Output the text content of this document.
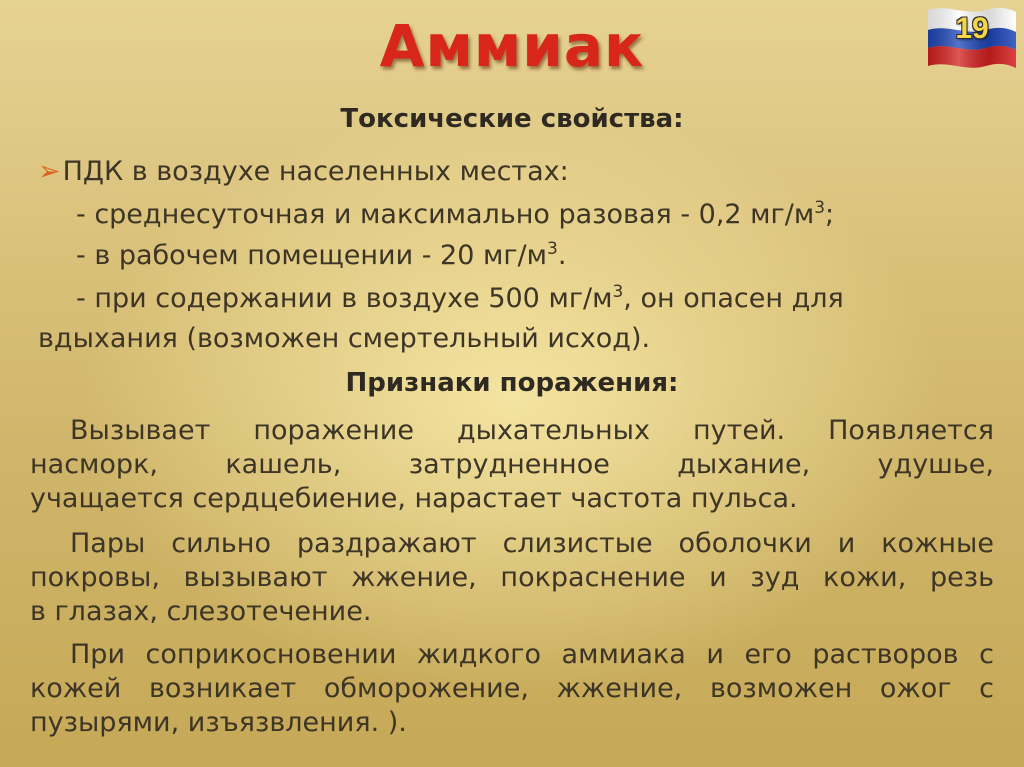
Аммиак	19
Токсические свойства:
➢ПДК в воздухе населенных местах:
- среднесуточная и максимально разовая - 0,2 $мг/м^3$;
- в рабочем помещении - 20 $мг/м^3$.
- при содержании в воздухе 500 $мг/м^3$, он опасен для
вдыхания (возможен смертельный исход).
Признаки поражения:
Вызывает поражение дыхательных путей. Появляется
насморк, кашель, затрудненное дыхание, удушье,
учащается сердцебиение, нарастает частота пульса.
Пары сильно раздражают слизистые оболочки и кожные
покровы, вызывают жжение, покраснение и зуд кожи, резь
в глазах, слезотечение.
При соприкосновении жидкого аммиака и его растворов с
кожей возникает обморожение, жжение, возможен ожог с
пузырями, изъязвления. ).
